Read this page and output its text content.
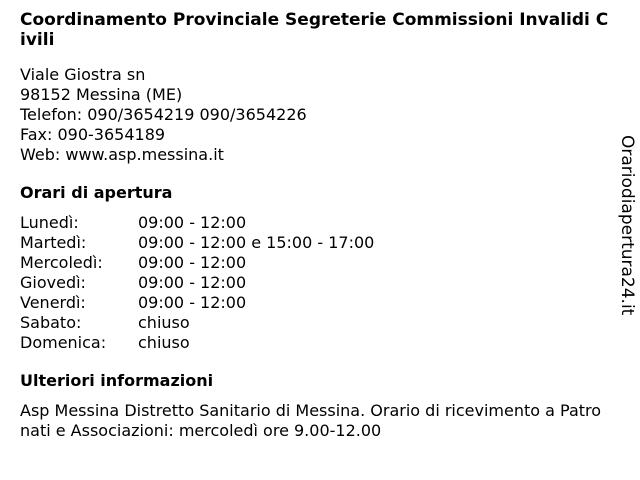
Coordinamento Provinciale Segreterie Commissioni Invalidi Civili
Viale Giostra sn
98152 Messina (ME)
Telefon: 090/3654219 090/3654226
Fax: 090-3654189
Web: www.asp.messina.it
Orari di apertura
Lunedì:	09:00 - 12:00
Martedì:	09:00 - 12:00 e 15:00 - 17:00
Mercoledì:	09:00 - 12:00
Giovedì:	09:00 - 12:00
Venerdì:	09:00 - 12:00
Sabato:	chiuso
Domenica:	chiuso
Ulteriori informazioni
Asp Messina Distretto Sanitario di Messina. Orario di ricevimento a Patronati e Associazioni: mercoledì ore 9.00-12.00
Orariodiapertura24.it
